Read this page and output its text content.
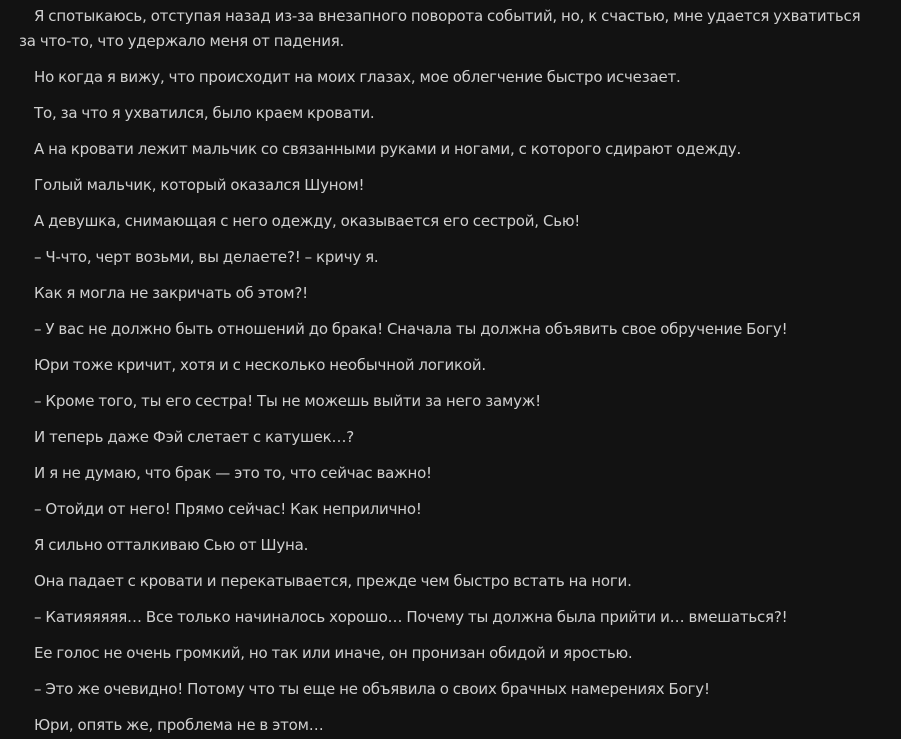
Я спотыкаюсь, отступая назад из-за внезапного поворота событий, но, к счастью, мне удается ухватиться за что-то, что удержало меня от падения.

Но когда я вижу, что происходит на моих глазах, мое облегчение быстро исчезает.

То, за что я ухватился, было краем кровати.

А на кровати лежит мальчик со связанными руками и ногами, с которого сдирают одежду.

Голый мальчик, который оказался Шуном!

А девушка, снимающая с него одежду, оказывается его сестрой, Сью!

– Ч-что, черт возьми, вы делаете?! – кричу я.

Как я могла не закричать об этом?!

– У вас не должно быть отношений до брака! Сначала ты должна объявить свое обручение Богу!

Юри тоже кричит, хотя и с несколько необычной логикой.

– Кроме того, ты его сестра! Ты не можешь выйти за него замуж!

И теперь даже Фэй слетает с катушек…?

И я не думаю, что брак — это то, что сейчас важно!

– Отойди от него! Прямо сейчас! Как неприлично!

Я сильно отталкиваю Сью от Шуна.

Она падает с кровати и перекатывается, прежде чем быстро встать на ноги.

– Катияяяяя… Все только начиналось хорошо… Почему ты должна была прийти и… вмешаться?!

Ее голос не очень громкий, но так или иначе, он пронизан обидой и яростью.

– Это же очевидно! Потому что ты еще не объявила о своих брачных намерениях Богу!

Юри, опять же, проблема не в этом…
